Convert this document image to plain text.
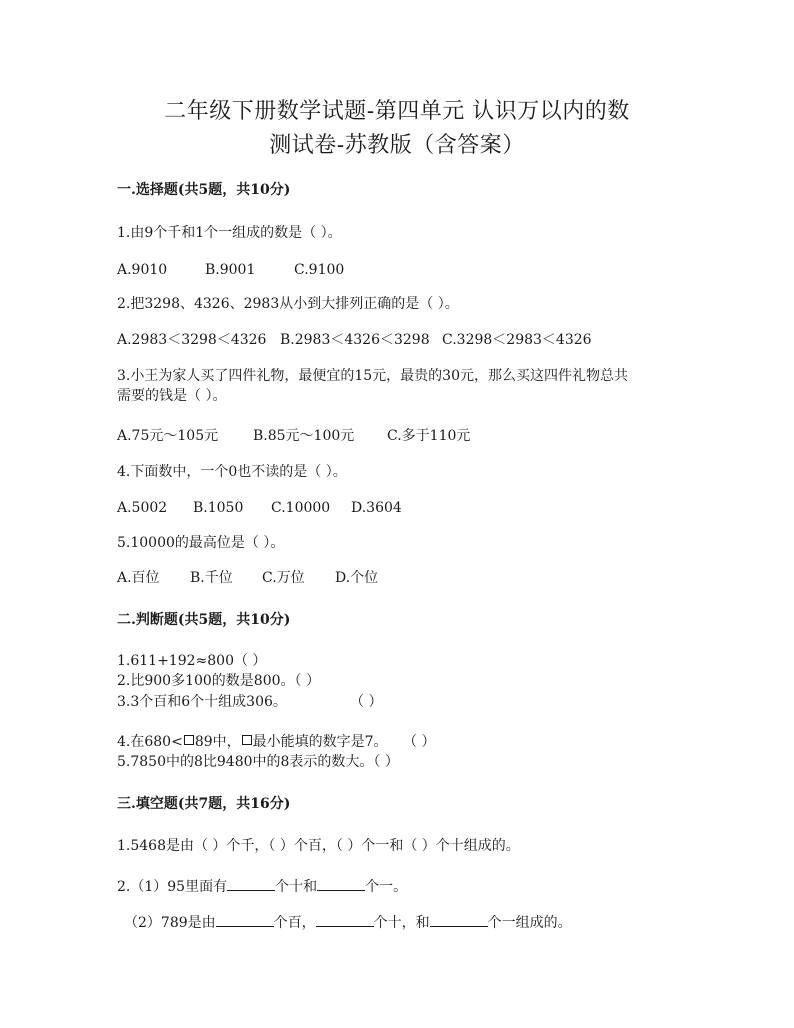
二年级下册数学试题-第四单元 认识万以内的数
测试卷-苏教版（含答案）
一.选择题(共5题，共10分)
1.由9个千和1个一组成的数是（ ）。
A.9010	B.9001	C.9100
2.把3298、4326、2983从小到大排列正确的是（ ）。
A.2983＜3298＜4326 B.2983＜4326＜3298 C.3298＜2983＜4326
3.小王为家人买了四件礼物，最便宜的15元，最贵的30元，那么买这四件礼物总共
需要的钱是（ ）。
A.75元～105元 B.85元～100元 C.多于110元
4.下面数中，一个0也不读的是（ ）。
A.5002 B.1050 C.10000 D.3604
5.10000的最高位是（ ）。
A.百位 B.千位 C.万位 D.个位
二.判断题(共5题，共10分)
1.611+192≈800（ ）
2.比900多100的数是800。（ ）
3.3个百和6个十组成306。	（ ）
4.在680< 89中， 最小能填的数字是7。 （ ）
5.7850中的8比9480中的8表示的数大。（ ）
三.填空题(共7题，共16分)
1.5468是由（ ）个千，（ ）个百，（ ）个一和（ ）个十组成的。
2.（1）95里面有	个十和	个一。
（2）789是由	个百，	个十，和	个一组成的。
